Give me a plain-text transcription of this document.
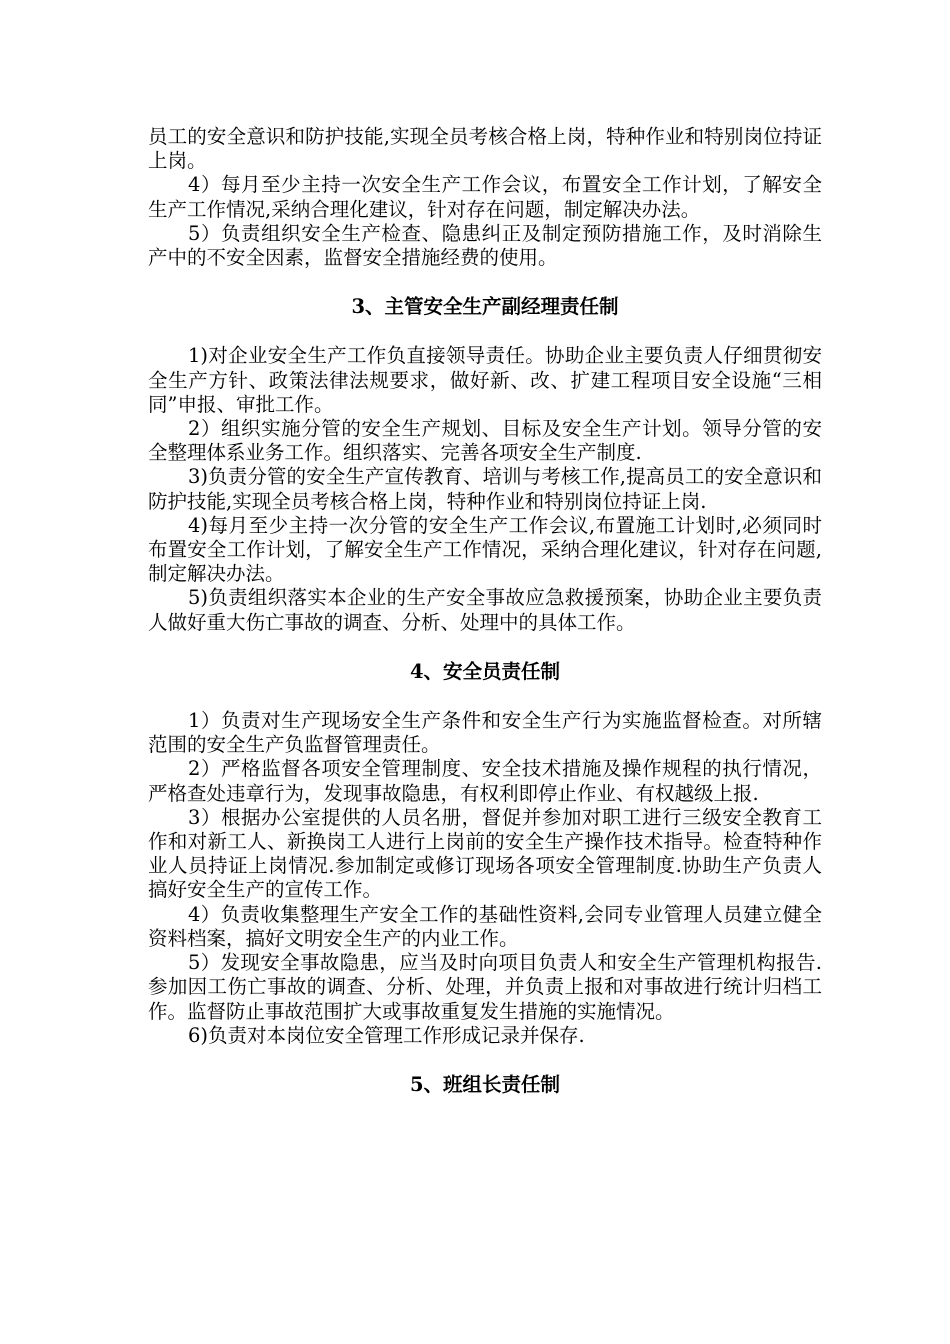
员工的安全意识和防护技能,实现全员考核合格上岗，特种作业和特别岗位持证上岗。

4）每月至少主持一次安全生产工作会议，布置安全工作计划，了解安全生产工作情况,采纳合理化建议，针对存在问题，制定解决办法。

5）负责组织安全生产检查、隐患纠正及制定预防措施工作，及时消除生产中的不安全因素，监督安全措施经费的使用。

3、主管安全生产副经理责任制

1)对企业安全生产工作负直接领导责任。协助企业主要负责人仔细贯彻安全生产方针、政策法律法规要求，做好新、改、扩建工程项目安全设施“三相同”申报、审批工作。

2）组织实施分管的安全生产规划、目标及安全生产计划。领导分管的安全整理体系业务工作。组织落实、完善各项安全生产制度.

3)负责分管的安全生产宣传教育、培训与考核工作,提高员工的安全意识和防护技能,实现全员考核合格上岗，特种作业和特别岗位持证上岗.

4)每月至少主持一次分管的安全生产工作会议,布置施工计划时,必须同时布置安全工作计划，了解安全生产工作情况，采纳合理化建议，针对存在问题,制定解决办法。

5)负责组织落实本企业的生产安全事故应急救援预案，协助企业主要负责人做好重大伤亡事故的调查、分析、处理中的具体工作。

4、安全员责任制

1）负责对生产现场安全生产条件和安全生产行为实施监督检查。对所辖范围的安全生产负监督管理责任。

2）严格监督各项安全管理制度、安全技术措施及操作规程的执行情况，严格查处违章行为，发现事故隐患，有权利即停止作业、有权越级上报.

3）根据办公室提供的人员名册，督促并参加对职工进行三级安全教育工作和对新工人、新换岗工人进行上岗前的安全生产操作技术指导。检查特种作业人员持证上岗情况.参加制定或修订现场各项安全管理制度.协助生产负责人搞好安全生产的宣传工作。

4）负责收集整理生产安全工作的基础性资料,会同专业管理人员建立健全资料档案，搞好文明安全生产的内业工作。

5）发现安全事故隐患，应当及时向项目负责人和安全生产管理机构报告.参加因工伤亡事故的调查、分析、处理，并负责上报和对事故进行统计归档工作。监督防止事故范围扩大或事故重复发生措施的实施情况。

6)负责对本岗位安全管理工作形成记录并保存.

5、班组长责任制
